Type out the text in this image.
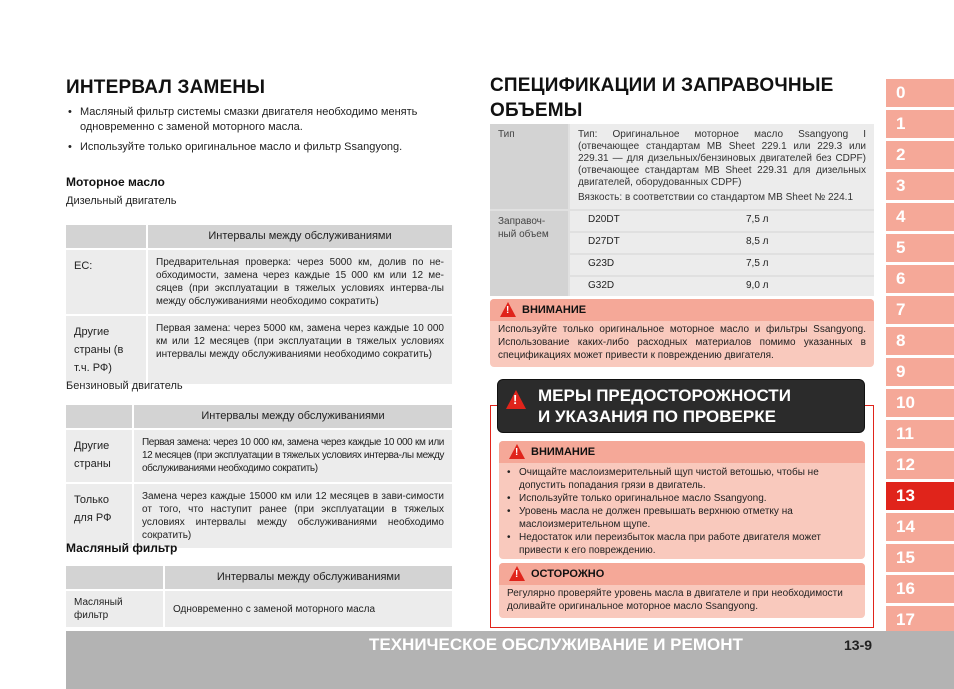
ИНТЕРВАЛ ЗАМЕНЫ
• Масляный фильтр системы смазки двигателя необходимо менять одновременно с заменой моторного масла.
• Используйте только оригинальное масло и фильтр Ssangyong.
Моторное масло
Дизельный двигатель
	Интервалы между обслуживаниями
ЕС:	Предварительная проверка: через 5000 км, долив по не-обходимости, замена через каждые 15 000 км или 12 ме-сяцев (при эксплуатации в тяжелых условиях интерва-лы между обслуживаниями необходимо сократить)
Другие страны (в т.ч. РФ)	Первая замена: через 5000 км, замена через каждые 10 000 км или 12 месяцев (при эксплуатации в тяжелых условиях интервалы между обслуживаниями необходимо сократить)
Бензиновый двигатель
	Интервалы между обслуживаниями
Другие страны	Первая замена: через 10 000 км, замена через каждые 10 000 км или 12 месяцев (при эксплуатации в тяжелых условиях интерва-лы между обслуживаниями необходимо сократить)
Только для РФ	Замена через каждые 15000 км или 12 месяцев в зави-симости от того, что наступит ранее (при эксплуатации в тяжелых условиях интервалы между обслуживаниями необходимо сократить)
Масляный фильтр
	Интервалы между обслуживаниями
Масляный фильтр	Одновременно с заменой моторного масла
СПЕЦИФИКАЦИИ И ЗАПРАВОЧНЫЕ
ОБЪЕМЫ
Тип	Тип: Оригинальное моторное масло Ssangyong I (отвечающее стандартам MB Sheet 229.1 или 229.3 или 229.31 — для дизельных/бензиновых двигателей без CDPF) (отвечающее стандартам MB Sheet 229.31 для дизельных двигателей, оборудованных CDPF)
Вязкость: в соответствии со стандартом MB Sheet № 224.1
Заправоч-ный объем
D20DT	7,5 л
D27DT	8,5 л
G23D	7,5 л
G32D	9,0 л
!
ВНИМАНИЕ
Используйте только оригинальное моторное масло и фильтры Ssangyong. Использование каких-либо расходных материалов помимо указанных в спецификациях может привести к повреждению двигателя.
! МЕРЫ ПРЕДОСТОРОЖНОСТИ
И УКАЗАНИЯ ПО ПРОВЕРКЕ
!
ВНИМАНИЕ
• Очищайте маслоизмерительный щуп чистой ветошью, чтобы не допустить попадания грязи в двигатель.
• Используйте только оригинальное масло Ssangyong.
• Уровень масла не должен превышать верхнюю отметку на маслоизмерительном щупе.
• Недостаток или переизбыток масла при работе двигателя может привести к его повреждению.
!
ОСТОРОЖНО
Регулярно проверяйте уровень масла в двигателе и при необходимости доливайте оригинальное моторное масло Ssangyong.
0
1
2
3
4
5
6
7
8
9
10
11
12
13
14
15
16
17
ТЕХНИЧЕСКОЕ ОБСЛУЖИВАНИЕ И РЕМОНТ	13-9
